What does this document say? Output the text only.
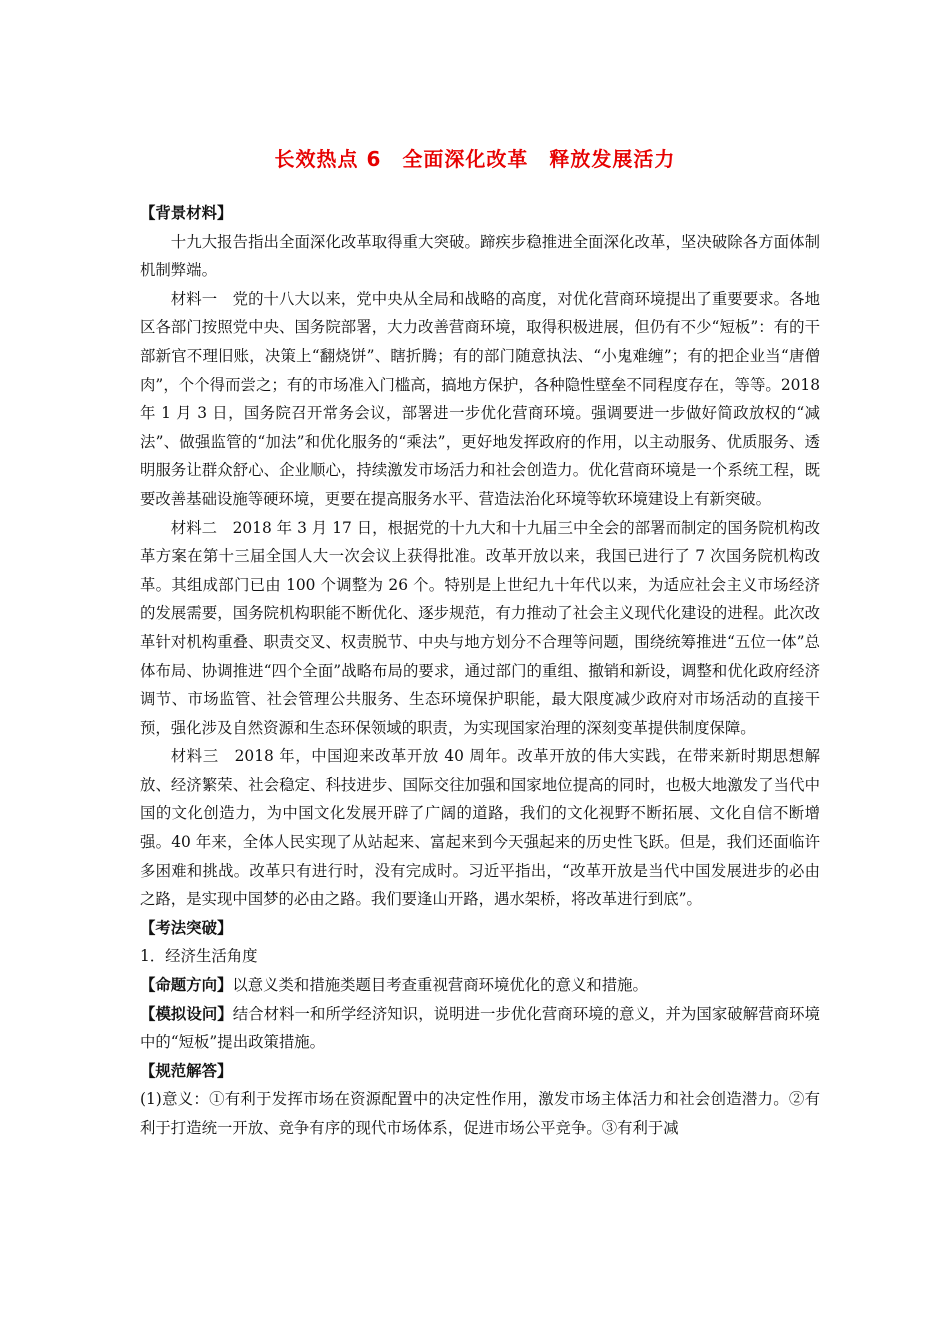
长效热点 6　全面深化改革　释放发展活力

【背景材料】

十九大报告指出全面深化改革取得重大突破。蹄疾步稳推进全面深化改革，坚决破除各方面体制机制弊端。

材料一　党的十八大以来，党中央从全局和战略的高度，对优化营商环境提出了重要要求。各地区各部门按照党中央、国务院部署，大力改善营商环境，取得积极进展，但仍有不少“短板”：有的干部新官不理旧账，决策上“翻烧饼”、瞎折腾；有的部门随意执法、“小鬼难缠”；有的把企业当“唐僧肉”，个个得而尝之；有的市场准入门槛高，搞地方保护，各种隐性壁垒不同程度存在，等等。2018 年 1 月 3 日，国务院召开常务会议，部署进一步优化营商环境。强调要进一步做好简政放权的“减法”、做强监管的“加法”和优化服务的“乘法”，更好地发挥政府的作用，以主动服务、优质服务、透明服务让群众舒心、企业顺心，持续激发市场活力和社会创造力。优化营商环境是一个系统工程，既要改善基础设施等硬环境，更要在提高服务水平、营造法治化环境等软环境建设上有新突破。

材料二　2018 年 3 月 17 日，根据党的十九大和十九届三中全会的部署而制定的国务院机构改革方案在第十三届全国人大一次会议上获得批准。改革开放以来，我国已进行了 7 次国务院机构改革。其组成部门已由 100 个调整为 26 个。特别是上世纪九十年代以来，为适应社会主义市场经济的发展需要，国务院机构职能不断优化、逐步规范，有力推动了社会主义现代化建设的进程。此次改革针对机构重叠、职责交叉、权责脱节、中央与地方划分不合理等问题，围绕统筹推进“五位一体”总体布局、协调推进“四个全面”战略布局的要求，通过部门的重组、撤销和新设，调整和优化政府经济调节、市场监管、社会管理公共服务、生态环境保护职能，最大限度减少政府对市场活动的直接干预，强化涉及自然资源和生态环保领域的职责，为实现国家治理的深刻变革提供制度保障。

材料三　2018 年，中国迎来改革开放 40 周年。改革开放的伟大实践，在带来新时期思想解放、经济繁荣、社会稳定、科技进步、国际交往加强和国家地位提高的同时，也极大地激发了当代中国的文化创造力，为中国文化发展开辟了广阔的道路，我们的文化视野不断拓展、文化自信不断增强。40 年来，全体人民实现了从站起来、富起来到今天强起来的历史性飞跃。但是，我们还面临许多困难和挑战。改革只有进行时，没有完成时。习近平指出，“改革开放是当代中国发展进步的必由之路，是实现中国梦的必由之路。我们要逢山开路，遇水架桥，将改革进行到底”。

【考法突破】

1．经济生活角度

【命题方向】以意义类和措施类题目考查重视营商环境优化的意义和措施。

【模拟设问】结合材料一和所学经济知识，说明进一步优化营商环境的意义，并为国家破解营商环境中的“短板”提出政策措施。

【规范解答】

(1)意义：①有利于发挥市场在资源配置中的决定性作用，激发市场主体活力和社会创造潜力。②有利于打造统一开放、竞争有序的现代市场体系，促进市场公平竞争。③有利于减
